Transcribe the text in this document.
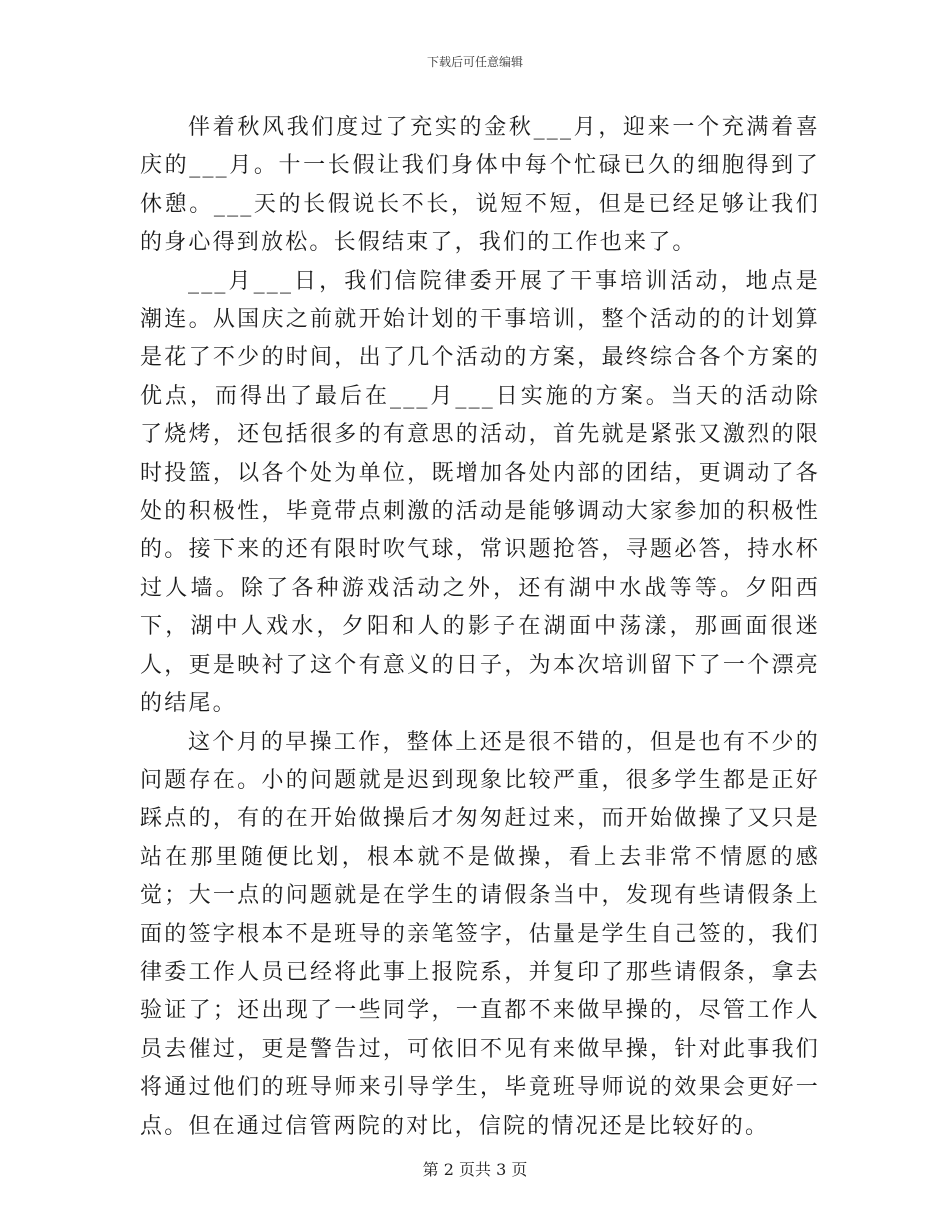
下载后可任意编辑

伴着秋风我们度过了充实的金秋___月，迎来一个充满着喜庆的___月。十一长假让我们身体中每个忙碌已久的细胞得到了休憩。___天的长假说长不长，说短不短，但是已经足够让我们的身心得到放松。长假结束了，我们的工作也来了。

___月___日，我们信院律委开展了干事培训活动，地点是潮连。从国庆之前就开始计划的干事培训，整个活动的的计划算是花了不少的时间，出了几个活动的方案，最终综合各个方案的优点，而得出了最后在___月___日实施的方案。当天的活动除了烧烤，还包括很多的有意思的活动，首先就是紧张又激烈的限时投篮，以各个处为单位，既增加各处内部的团结，更调动了各处的积极性，毕竟带点刺激的活动是能够调动大家参加的积极性的。接下来的还有限时吹气球，常识题抢答，寻题必答，持水杯过人墙。除了各种游戏活动之外，还有湖中水战等等。夕阳西下，湖中人戏水，夕阳和人的影子在湖面中荡漾，那画面很迷人，更是映衬了这个有意义的日子，为本次培训留下了一个漂亮的结尾。

这个月的早操工作，整体上还是很不错的，但是也有不少的问题存在。小的问题就是迟到现象比较严重，很多学生都是正好踩点的，有的在开始做操后才匆匆赶过来，而开始做操了又只是站在那里随便比划，根本就不是做操，看上去非常不情愿的感觉；大一点的问题就是在学生的请假条当中，发现有些请假条上面的签字根本不是班导的亲笔签字，估量是学生自己签的，我们律委工作人员已经将此事上报院系，并复印了那些请假条，拿去验证了；还出现了一些同学，一直都不来做早操的，尽管工作人员去催过，更是警告过，可依旧不见有来做早操，针对此事我们将通过他们的班导师来引导学生，毕竟班导师说的效果会更好一点。但在通过信管两院的对比，信院的情况还是比较好的。

第 2 页共 3 页
